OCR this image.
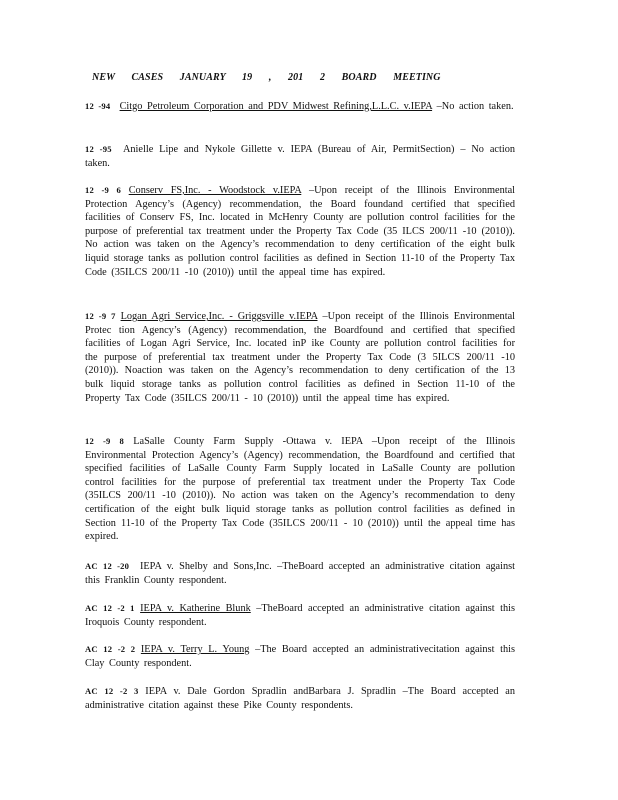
NEW CASES JANUARY 19 , 201 2 BOARD MEETING
12 -94 Citgo Petroleum Corporation and PDV Midwest Refining,L.L.C. v.IEPA –No action taken.
12 -95 Anielle Lipe and Nykole Gillette v. IEPA (Bureau of Air, PermitSection) – No action taken.
12 -9 6 Conserv FS,Inc. - Woodstock v.IEPA –Upon receipt of the Illinois Environmental Protection Agency’s (Agency) recommendation, the Board foundand certified that specified facilities of Conserv FS, Inc. located in McHenry County are pollution control facilities for the purpose of preferential tax treatment under the Property Tax Code (35 ILCS 200/11 -10 (2010)). No action was taken on the Agency’s recommendation to deny certification of the eight bulk liquid storage tanks as pollution control facilities as defined in Section 11-10 of the Property Tax Code (35ILCS 200/11 -10 (2010)) until the appeal time has expired.
12 -9 7 Logan Agri Service,Inc. - Griggsville v.IEPA –Upon receipt of the Illinois Environmental Protec tion Agency’s (Agency) recommendation, the Boardfound and certified that specified facilities of Logan Agri Service, Inc. located inP ike County are pollution control facilities for the purpose of preferential tax treatment under the Property Tax Code (3 5ILCS 200/11 -10 (2010)). Noaction was taken on the Agency’s recommendation to deny certification of the 13 bulk liquid storage tanks as pollution control facilities as defined in Section 11-10 of the Property Tax Code (35ILCS 200/11 - 10 (2010)) until the appeal time has expired.
12 -9 8 LaSalle County Farm Supply -Ottawa v. IEPA –Upon receipt of the Illinois Environmental Protection Agency’s (Agency) recommendation, the Boardfound and certified that specified facilities of LaSalle County Farm Supply located in LaSalle County are pollution control facilities for the purpose of preferential tax treatment under the Property Tax Code (35ILCS 200/11 -10 (2010)). No action was taken on the Agency’s recommendation to deny certification of the eight bulk liquid storage tanks as pollution control facilities as defined in Section 11-10 of the Property Tax Code (35ILCS 200/11 - 10 (2010)) until the appeal time has expired.
AC 12 -20 IEPA v. Shelby and Sons,Inc. –TheBoard accepted an administrative citation against this Franklin County respondent.
AC 12 -2 1 IEPA v. Katherine Blunk –TheBoard accepted an administrative citation against this Iroquois County respondent.
AC 12 -2 2 IEPA v. Terry L. Young –The Board accepted an administrativecitation against this Clay County respondent.
AC 12 -2 3 IEPA v. Dale Gordon Spradlin andBarbara J. Spradlin –The Board accepted an administrative citation against these Pike County respondents.
